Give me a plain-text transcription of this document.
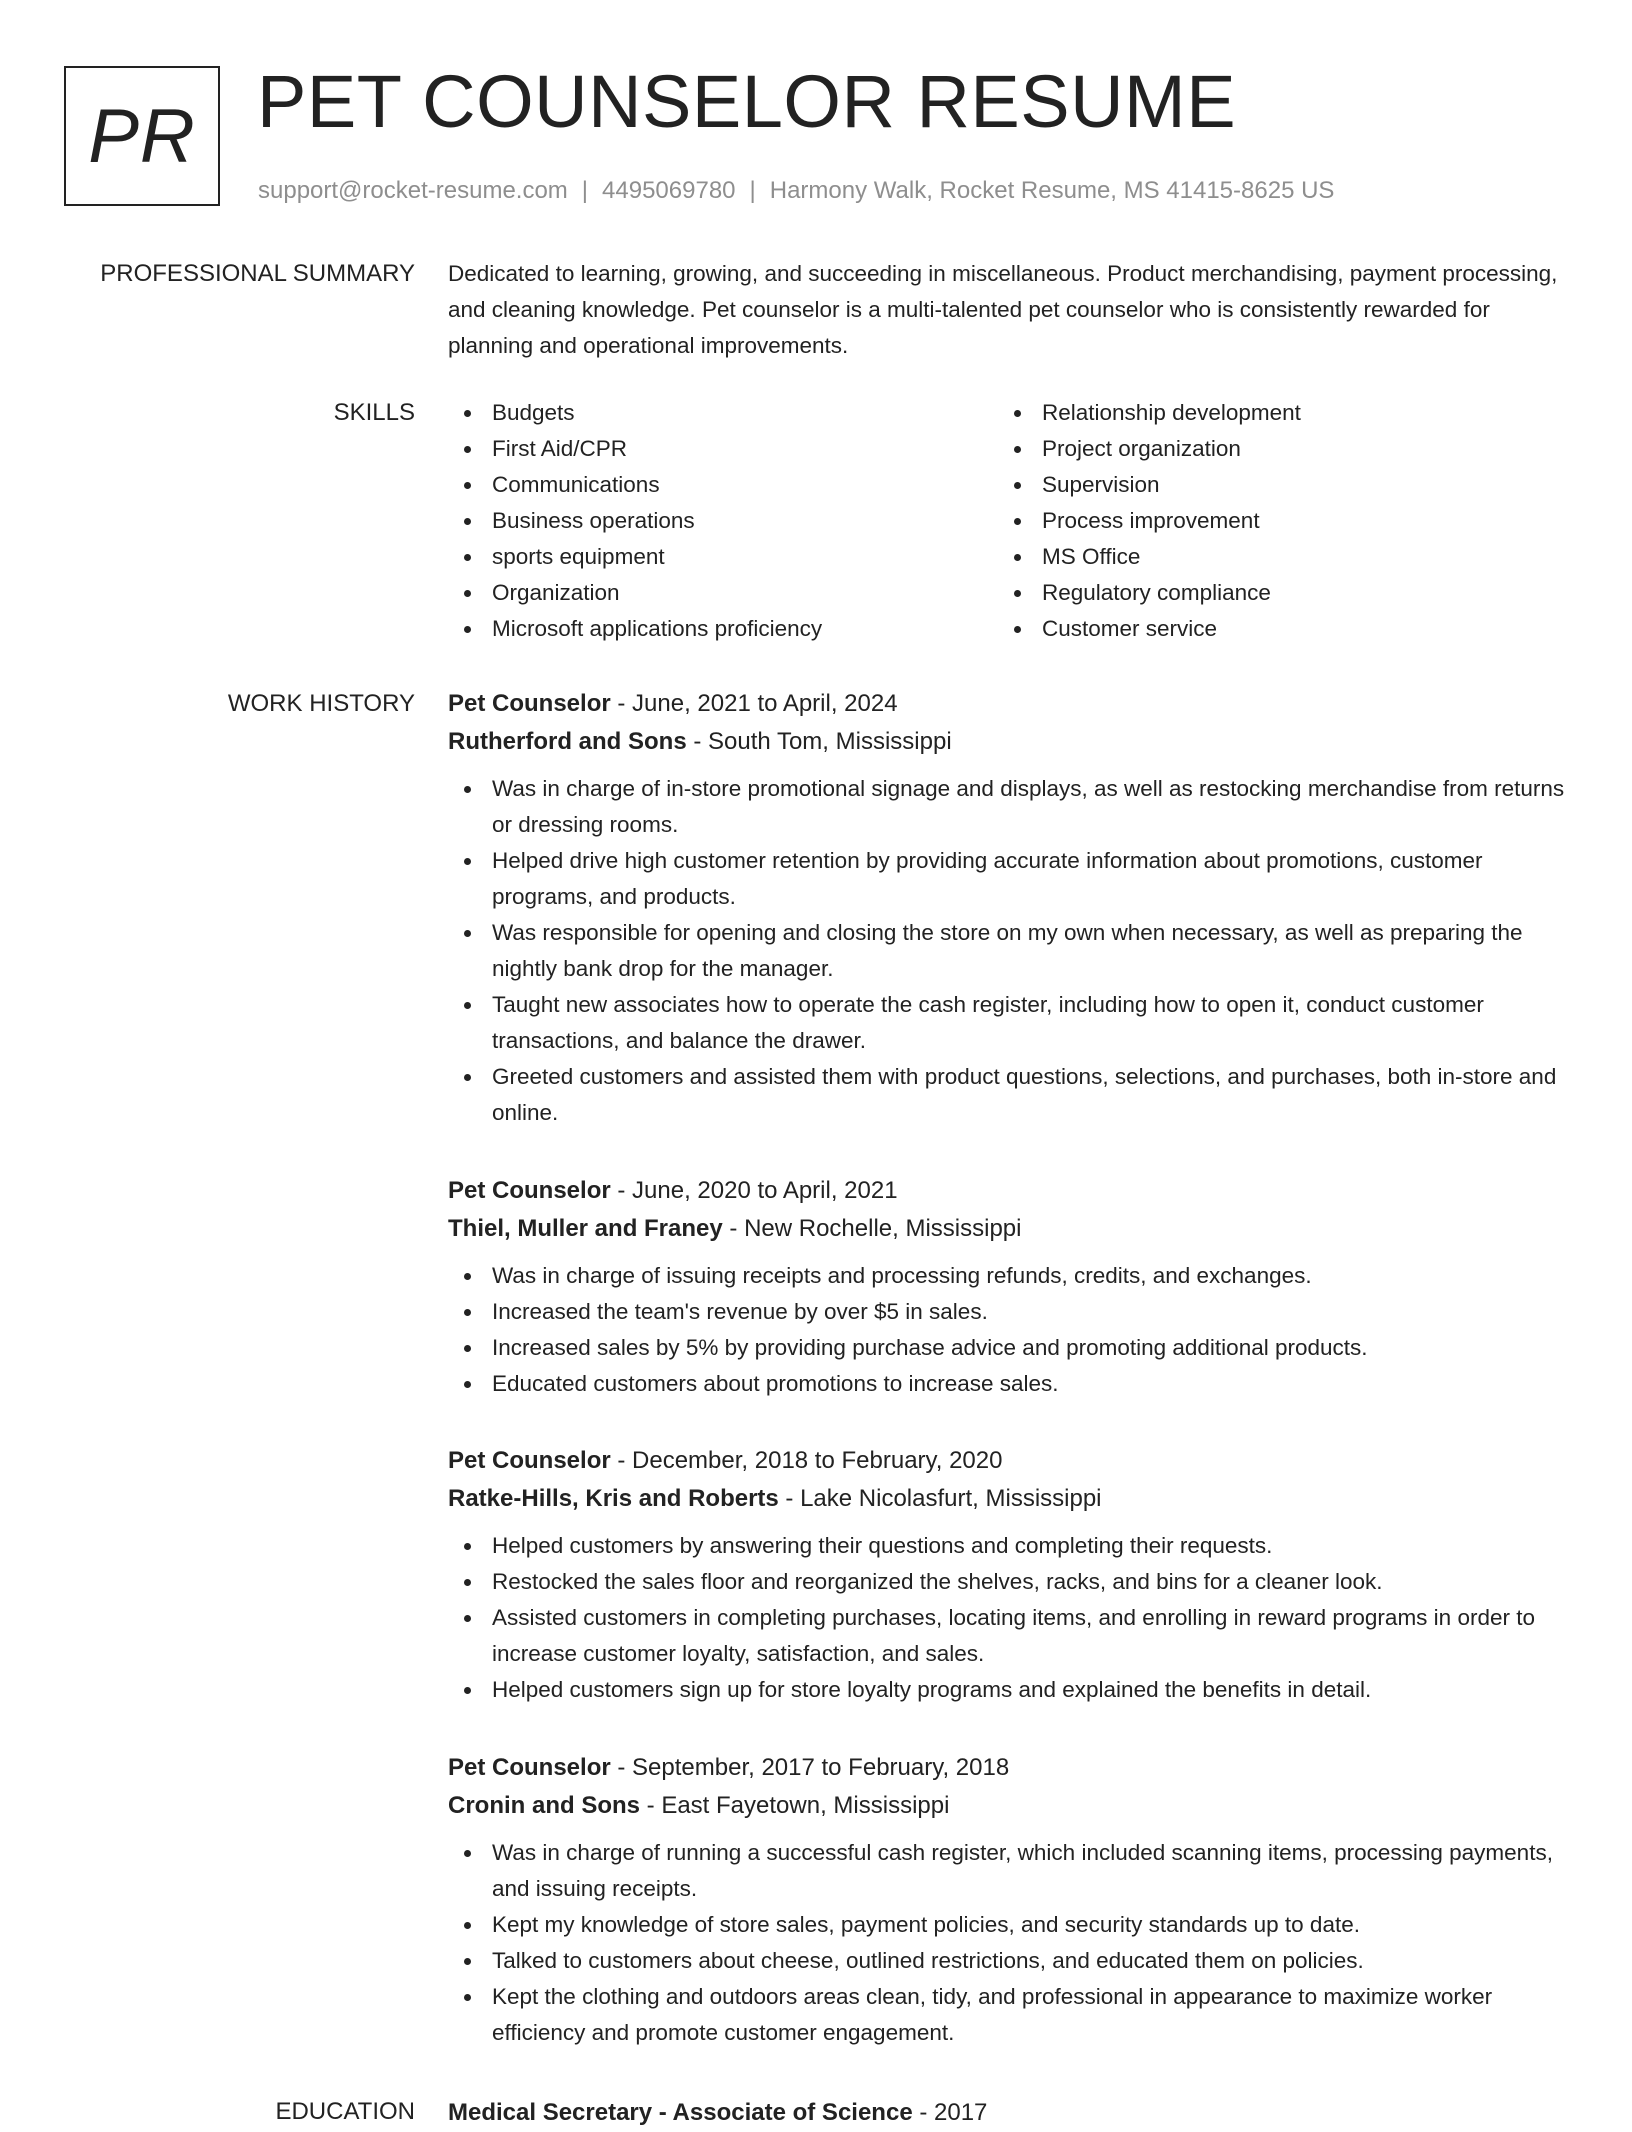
PR PET COUNSELOR RESUME
support@rocket-resume.com | 4495069780 | Harmony Walk, Rocket Resume, MS 41415-8625 US
PROFESSIONAL SUMMARY Dedicated to learning, growing, and succeeding in miscellaneous. Product merchandising, payment processing, and cleaning knowledge. Pet counselor is a multi-talented pet counselor who is consistently rewarded for planning and operational improvements.

SKILLS	Budgets
First Aid/CPR
Communications
Business operations
sports equipment
Organization
Microsoft applications proficiency
Relationship development
Project organization
Supervision
Process improvement
MS Office
Regulatory compliance
Customer service
WORK HISTORY Pet Counselor - June, 2021 to April, 2024
Rutherford and Sons - South Tom, Mississippi
Was in charge of in-store promotional signage and displays, as well as restocking merchandise from returns or dressing rooms.
Helped drive high customer retention by providing accurate information about promotions, customer programs, and products.
Was responsible for opening and closing the store on my own when necessary, as well as preparing the nightly bank drop for the manager.
Taught new associates how to operate the cash register, including how to open it, conduct customer transactions, and balance the drawer.
Greeted customers and assisted them with product questions, selections, and purchases, both in-store and online.
Pet Counselor - June, 2020 to April, 2021
Thiel, Muller and Franey - New Rochelle, Mississippi
Was in charge of issuing receipts and processing refunds, credits, and exchanges.
Increased the team's revenue by over $5 in sales.
Increased sales by 5% by providing purchase advice and promoting additional products.
Educated customers about promotions to increase sales.
Pet Counselor - December, 2018 to February, 2020
Ratke-Hills, Kris and Roberts - Lake Nicolasfurt, Mississippi
Helped customers by answering their questions and completing their requests.
Restocked the sales floor and reorganized the shelves, racks, and bins for a cleaner look.
Assisted customers in completing purchases, locating items, and enrolling in reward programs in order to increase customer loyalty, satisfaction, and sales.
Helped customers sign up for store loyalty programs and explained the benefits in detail.
Pet Counselor - September, 2017 to February, 2018
Cronin and Sons - East Fayetown, Mississippi
Was in charge of running a successful cash register, which included scanning items, processing payments, and issuing receipts.
Kept my knowledge of store sales, payment policies, and security standards up to date.
Talked to customers about cheese, outlined restrictions, and educated them on policies.
Kept the clothing and outdoors areas clean, tidy, and professional in appearance to maximize worker efficiency and promote customer engagement.
EDUCATION Medical Secretary - Associate of Science - 2017
